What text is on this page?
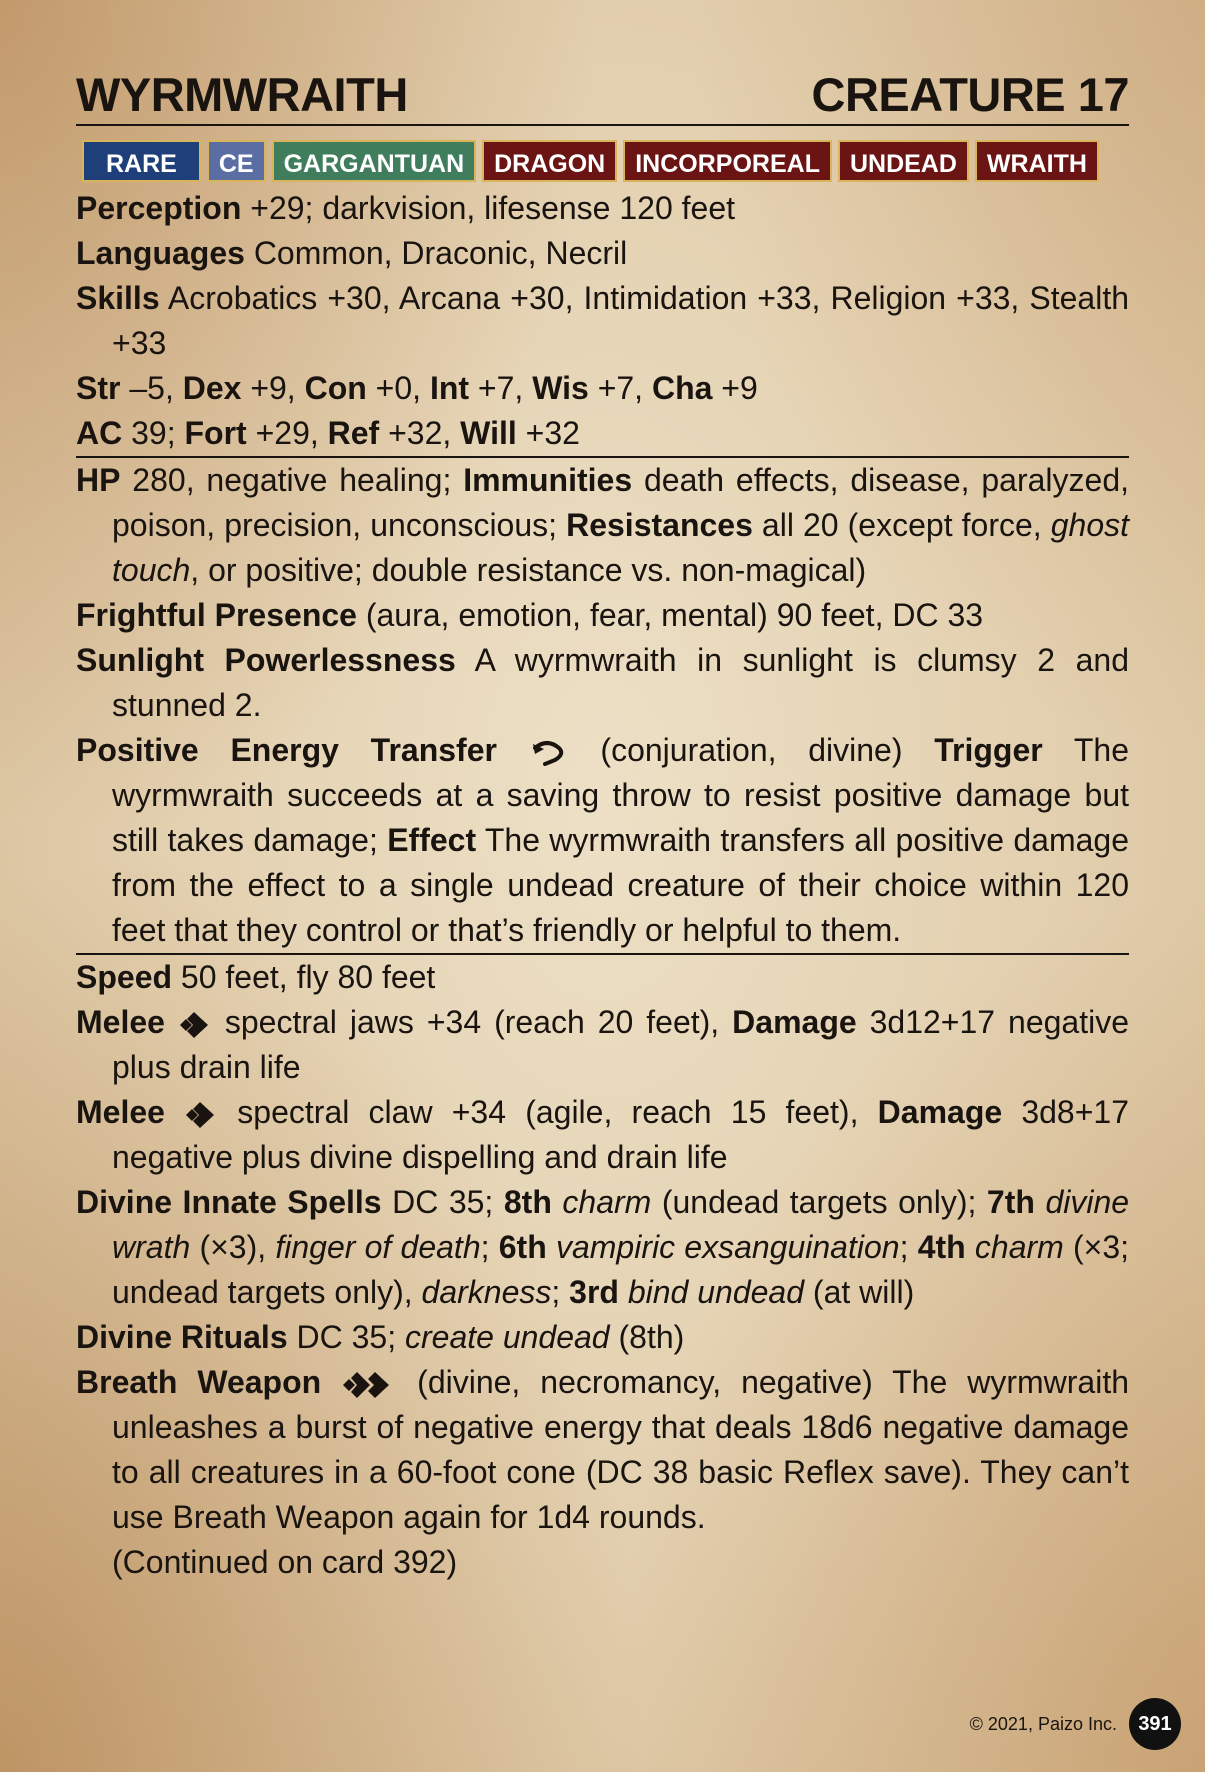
WYRMWRAITH	CREATURE 17
RARE	CE	GARGANTUAN	DRAGON	INCORPOREAL	UNDEAD	WRAITH
Perception +29; darkvision, lifesense 120 feet
Languages Common, Draconic, Necril
Skills Acrobatics +30, Arcana +30, Intimidation +33, Religion +33, Stealth +33
Str –5, Dex +9, Con +0, Int +7, Wis +7, Cha +9
AC 39; Fort +29, Ref +32, Will +32
HP 280, negative healing; Immunities death effects, disease, paralyzed, poison, precision, unconscious; Resistances all 20 (except force, ghost touch, or positive; double resistance vs. non-magical)
Frightful Presence (aura, emotion, fear, mental) 90 feet, DC 33
Sunlight Powerlessness A wyrmwraith in sunlight is clumsy 2 and stunned 2.
Positive Energy Transfer  (conjuration, divine) Trigger The wyrmwraith succeeds at a saving throw to resist positive damage but still takes damage; Effect The wyrmwraith transfers all positive damage from the effect to a single undead creature of their choice within 120 feet that they control or that’s friendly or helpful to them.
Speed 50 feet, fly 80 feet
Melee  spectral jaws +34 (reach 20 feet), Damage 3d12+17 negative plus drain life
Melee  spectral claw +34 (agile, reach 15 feet), Damage 3d8+17 negative plus divine dispelling and drain life
Divine Innate Spells DC 35; 8th charm (undead targets only); 7th divine wrath (×3), finger of death; 6th vampiric exsanguination; 4th charm (×3; undead targets only), darkness; 3rd bind undead (at will)
Divine Rituals DC 35; create undead (8th)
Breath Weapon  (divine, necromancy, negative) The wyrmwraith unleashes a burst of negative energy that deals 18d6 negative damage to all creatures in a 60-foot cone (DC 38 basic Reflex save). They can’t use Breath Weapon again for 1d4 rounds.
(Continued on card 392)
© 2021, Paizo Inc.	391
